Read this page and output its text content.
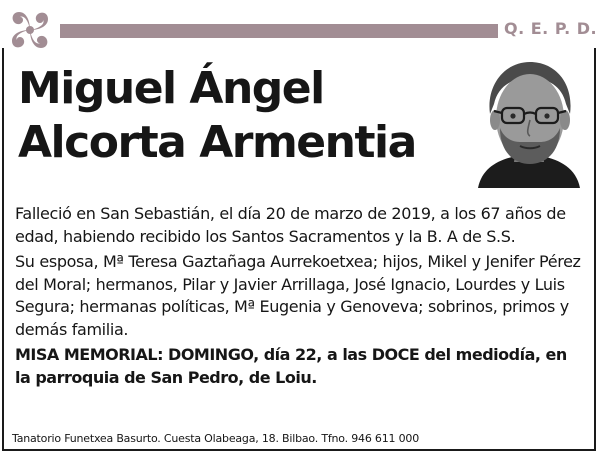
Q. E. P. D.
Miguel Ángel
Alcorta Armentia

Falleció en San Sebastián, el día 20 de marzo de 2019, a los 67 años de edad, habiendo recibido los Santos Sacramentos y la B. A de S.S.

Su esposa, Mª Teresa Gaztañaga Aurrekoetxea; hijos, Mikel y Jenifer Pérez del Moral; hermanos, Pilar y Javier Arrillaga, José Ignacio, Lourdes y Luis Segura; hermanas políticas, Mª Eugenia y Genoveva; sobrinos, primos y demás familia.

MISA MEMORIAL: DOMINGO, día 22, a las DOCE del mediodía, en la parroquia de San Pedro, de Loiu.

Tanatorio Funetxea Basurto. Cuesta Olabeaga, 18. Bilbao. Tfno. 946 611 000
